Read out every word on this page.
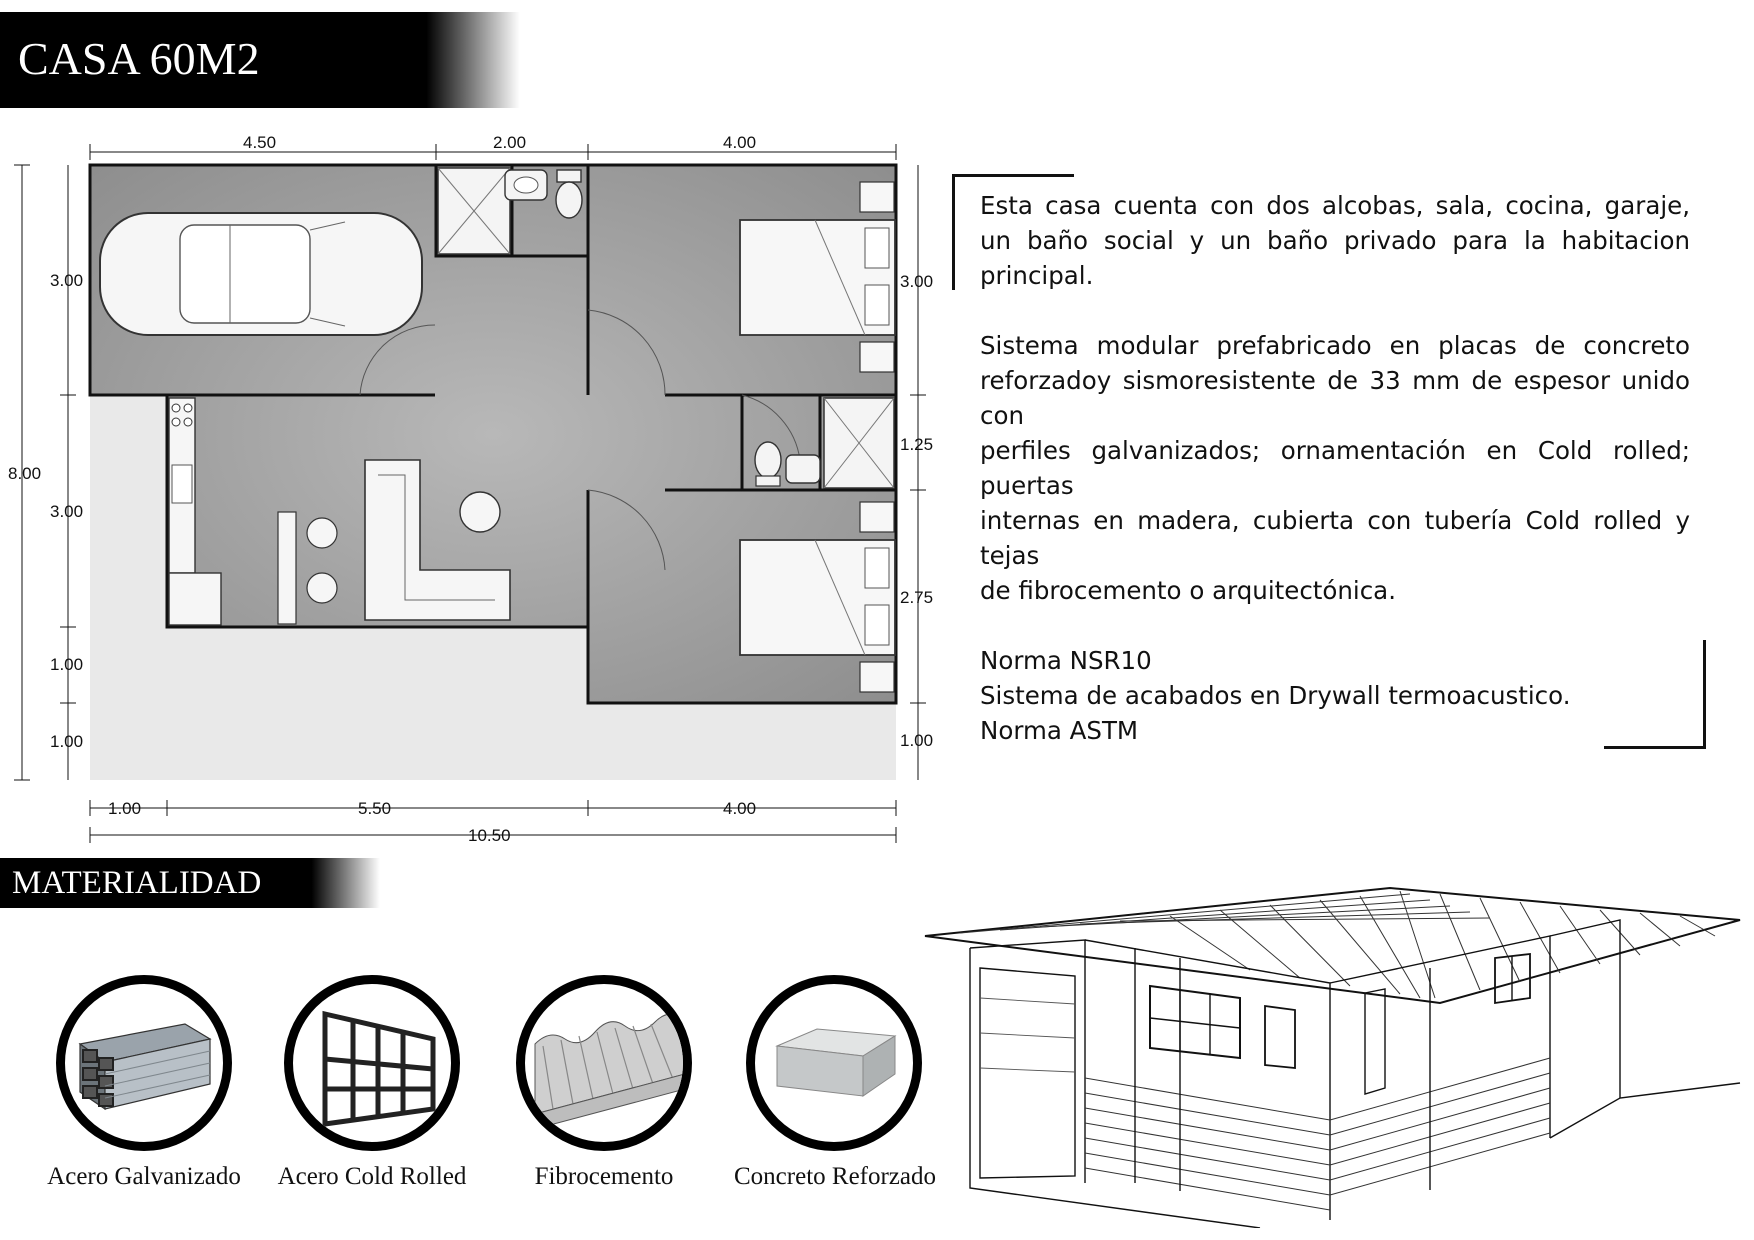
CASA 60M2
4.50	2.00	4.00
8.00
3.00
3.00
1.00
1.00
3.00
1.25
2.75
1.00
1.00	5.50	4.00
10.50

Esta casa cuenta con dos alcobas, sala, cocina, garaje, un baño social y un baño privado para la habitacion principal.

Sistema modular prefabricado en placas de concreto reforzadoy sismoresistente de 33 mm de espesor unido con

perfiles galvanizados; ornamentación en Cold rolled; puertas

internas en madera, cubierta con tubería Cold rolled y tejas

de fibrocemento o arquitectónica.

Norma NSR10

Sistema de acabados en Drywall termoacustico.

Norma ASTM

MATERIALIDAD
Acero Galvanizado Acero Cold Rolled	Fibrocemento	Concreto Reforzado
